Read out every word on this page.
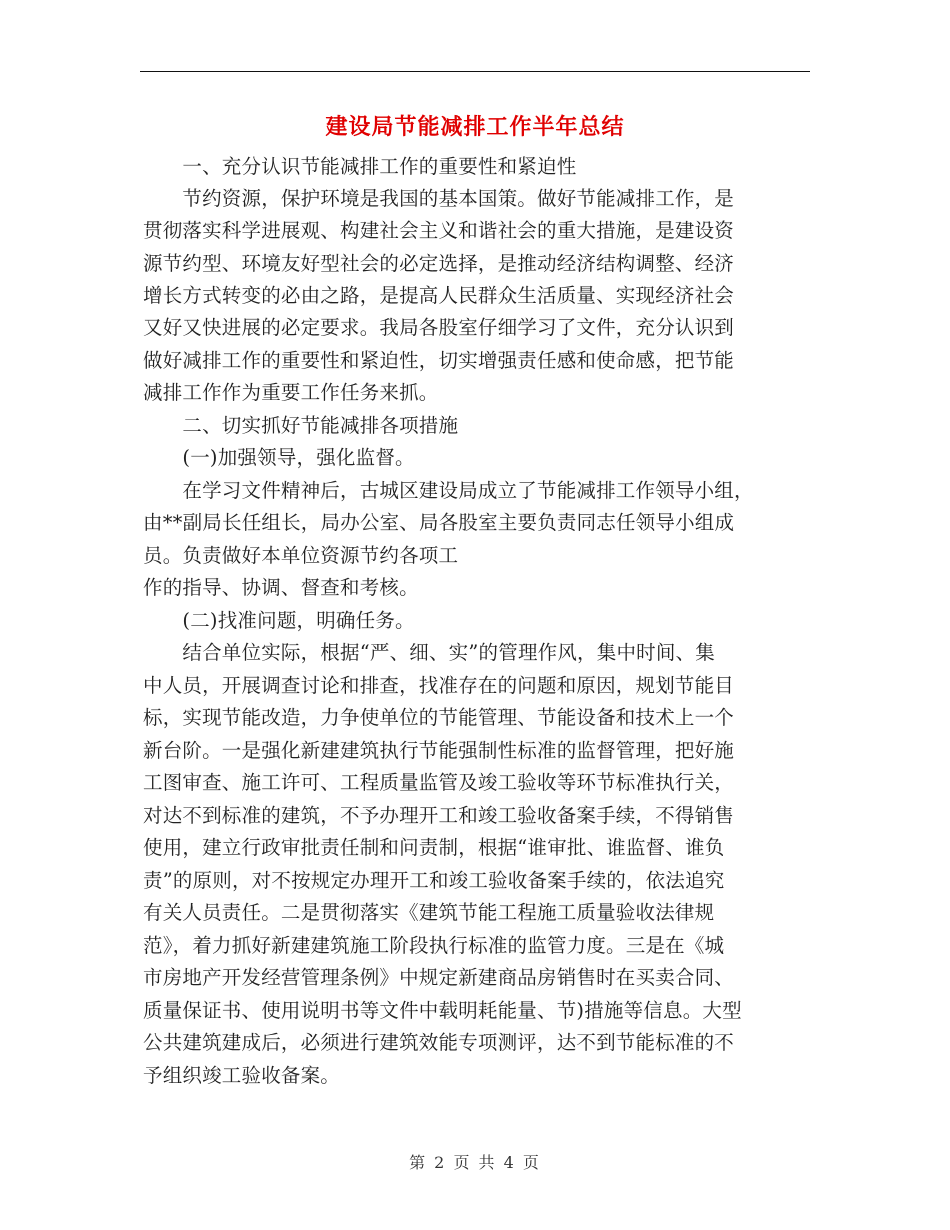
建设局节能减排工作半年总结
　　一、充分认识节能减排工作的重要性和紧迫性
　　节约资源，保护环境是我国的基本国策。做好节能减排工作，是
贯彻落实科学进展观、构建社会主义和谐社会的重大措施，是建设资
源节约型、环境友好型社会的必定选择，是推动经济结构调整、经济
增长方式转变的必由之路，是提高人民群众生活质量、实现经济社会
又好又快进展的必定要求。我局各股室仔细学习了文件，充分认识到
做好减排工作的重要性和紧迫性，切实增强责任感和使命感，把节能
减排工作作为重要工作任务来抓。
　　二、切实抓好节能减排各项措施
　　(一)加强领导，强化监督。
　　在学习文件精神后，古城区建设局成立了节能减排工作领导小组，
由**副局长任组长，局办公室、局各股室主要负责同志任领导小组成
员。负责做好本单位资源节约各项工
作的指导、协调、督查和考核。
　　(二)找准问题，明确任务。
　　结合单位实际，根据“严、细、实”的管理作风，集中时间、集
中人员，开展调查讨论和排查，找准存在的问题和原因，规划节能目
标，实现节能改造，力争使单位的节能管理、节能设备和技术上一个
新台阶。一是强化新建建筑执行节能强制性标准的监督管理，把好施
工图审查、施工许可、工程质量监管及竣工验收等环节标准执行关，
对达不到标准的建筑，不予办理开工和竣工验收备案手续，不得销售
使用，建立行政审批责任制和问责制，根据“谁审批、谁监督、谁负
责”的原则，对不按规定办理开工和竣工验收备案手续的，依法追究
有关人员责任。二是贯彻落实《建筑节能工程施工质量验收法律规
范》，着力抓好新建建筑施工阶段执行标准的监管力度。三是在《城
市房地产开发经营管理条例》中规定新建商品房销售时在买卖合同、
质量保证书、使用说明书等文件中载明耗能量、节)措施等信息。大型
公共建筑建成后，必须进行建筑效能专项测评，达不到节能标准的不
予组织竣工验收备案。
第 2 页 共 4 页
